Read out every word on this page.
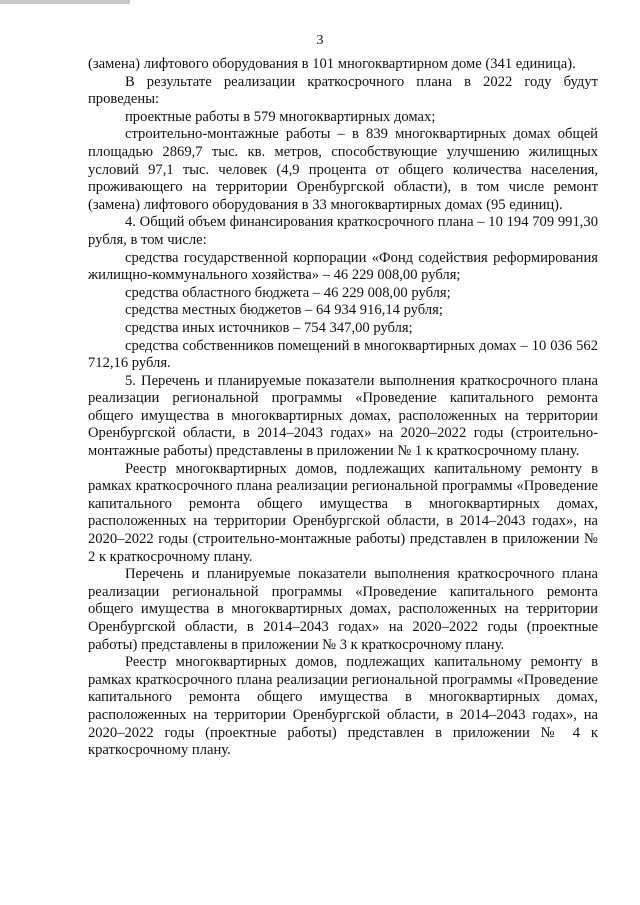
3

(замена) лифтового оборудования в 101 многоквартирном доме (341 единица).

В результате реализации краткосрочного плана в 2022 году будут проведены:

проектные работы в 579 многоквартирных домах;

строительно-монтажные работы – в 839 многоквартирных домах общей площадью 2869,7 тыс. кв. метров, способствующие улучшению жилищных условий 97,1 тыс. человек (4,9 процента от общего количества населения, проживающего на территории Оренбургской области), в том числе ремонт (замена) лифтового оборудования в 33 многоквартирных домах (95 единиц).

4. Общий объем финансирования краткосрочного плана – 10 194 709 991,30 рубля, в том числе:

средства государственной корпорации «Фонд содействия реформирования жилищно-коммунального хозяйства» – 46 229 008,00 рубля;

средства областного бюджета – 46 229 008,00 рубля;

средства местных бюджетов – 64 934 916,14 рубля;

средства иных источников – 754 347,00 рубля;

средства собственников помещений в многоквартирных домах – 10 036 562 712,16 рубля.

5. Перечень и планируемые показатели выполнения краткосрочного плана реализации региональной программы «Проведение капитального ремонта общего имущества в многоквартирных домах, расположенных на территории Оренбургской области, в 2014–2043 годах» на 2020–2022 годы (строительно-монтажные работы) представлены в приложении № 1 к краткосрочному плану.

Реестр многоквартирных домов, подлежащих капитальному ремонту в рамках краткосрочного плана реализации региональной программы «Проведение капитального ремонта общего имущества в многоквартирных домах, расположенных на территории Оренбургской области, в 2014–2043 годах», на 2020–2022 годы (строительно-монтажные работы) представлен в приложении № 2 к краткосрочному плану.

Перечень и планируемые показатели выполнения краткосрочного плана реализации региональной программы «Проведение капитального ремонта общего имущества в многоквартирных домах, расположенных на территории Оренбургской области, в 2014–2043 годах» на 2020–2022 годы (проектные работы) представлены в приложении № 3 к краткосрочному плану.

Реестр многоквартирных домов, подлежащих капитальному ремонту в рамках краткосрочного плана реализации региональной программы «Проведение капитального ремонта общего имущества в многоквартирных домах, расположенных на территории Оренбургской области, в 2014–2043 годах», на 2020–2022 годы (проектные работы) представлен в приложении № 4 к краткосрочному плану.
